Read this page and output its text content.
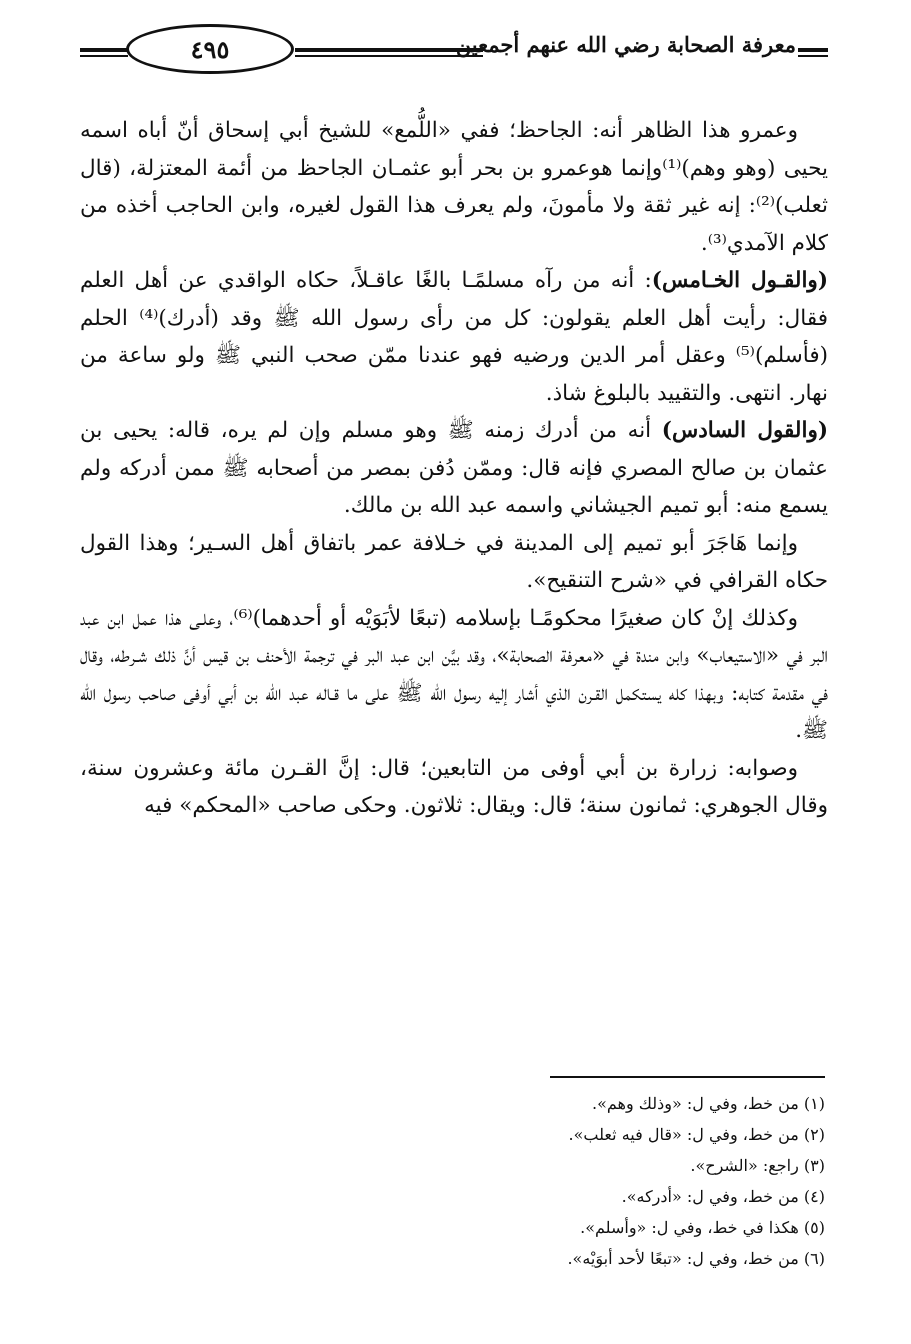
٤٩٥	معرفة الصحابة رضي الله عنهم أجمعين

وعمرو هذا الظاهر أنه: الجاحظ؛ ففي «اللُّمع» للشيخ أبي إسحاق أنّ أباه اسمه يحيى (وهو وهم)⁽¹⁾وإنما هوعمرو بن بحر أبو عثمـان الجاحظ من أئمة المعتزلة، (قال ثعلب)⁽²⁾: إنه غير ثقة ولا مأمونَ، ولم يعرف هذا القول لغيره، وابن الحاجب أخذه من كلام الآمدي⁽³⁾.

(والقـول الخـامس): أنه من رآه مسلمًـا بالغًا عاقـلاً، حكاه الواقدي عن أهل العلم فقال: رأيت أهل العلم يقولون: كل من رأى رسول الله ﷺ وقد (أدرك)⁽⁴⁾ الحلم (فأسلم)⁽⁵⁾ وعقل أمر الدين ورضيه فهو عندنا ممّن صحب النبي ﷺ ولو ساعة من نهار. انتهى. والتقييد بالبلوغ شاذ.

(والقول السادس) أنه من أدرك زمنه ﷺ وهو مسلم وإن لم يره، قاله: يحيى بن عثمان بن صالح المصري فإنه قال: وممّن دُفن بمصر من أصحابه ﷺ ممن أدركه ولم يسمع منه: أبو تميم الجيشاني واسمه عبد الله بن مالك.

وإنما هَاجَرَ أبو تميم إلى المدينة في خـلافة عمر باتفاق أهل السـير؛ وهذا القول حكاه القرافي في «شرح التنقيح».

وكذلك إنْ كان صغيرًا محكومًـا بإسلامه (تبعًا لأبَوَيْه أو أحدهما)⁽⁶⁾، وعلـى هذا عمل ابن عبد البر في «الاستيعاب» وابن مندة في «معرفة الصحابة»، وقد بيَّن ابن عبد البر في ترجمة الأحنف بن قيس أنَّ ذلك شـرطه، وقال في مقدمة كتابه: وبهذا كله يستكمل القـرن الذي أشار إليه رسول الله ﷺ على ما قـاله عبد الله بن أبي أوفى صاحب رسول الله ﷺ.

وصوابه: زرارة بن أبي أوفى من التابعين؛ قال: إنَّ القـرن مائة وعشرون سنة، وقال الجوهري: ثمانون سنة؛ قال: ويقال: ثلاثون. وحكى صاحب «المحكم» فيه

(١) من خط، وفي ل: «وذلك وهم».
(٢) من خط، وفي ل: «قال فيه ثعلب».
(٣) راجع: «الشرح».
(٤) من خط، وفي ل: «أدركه».
(٥) هكذا في خط، وفي ل: «وأسلم».
(٦) من خط، وفي ل: «تبعًا لأحد أبوَيْه».
